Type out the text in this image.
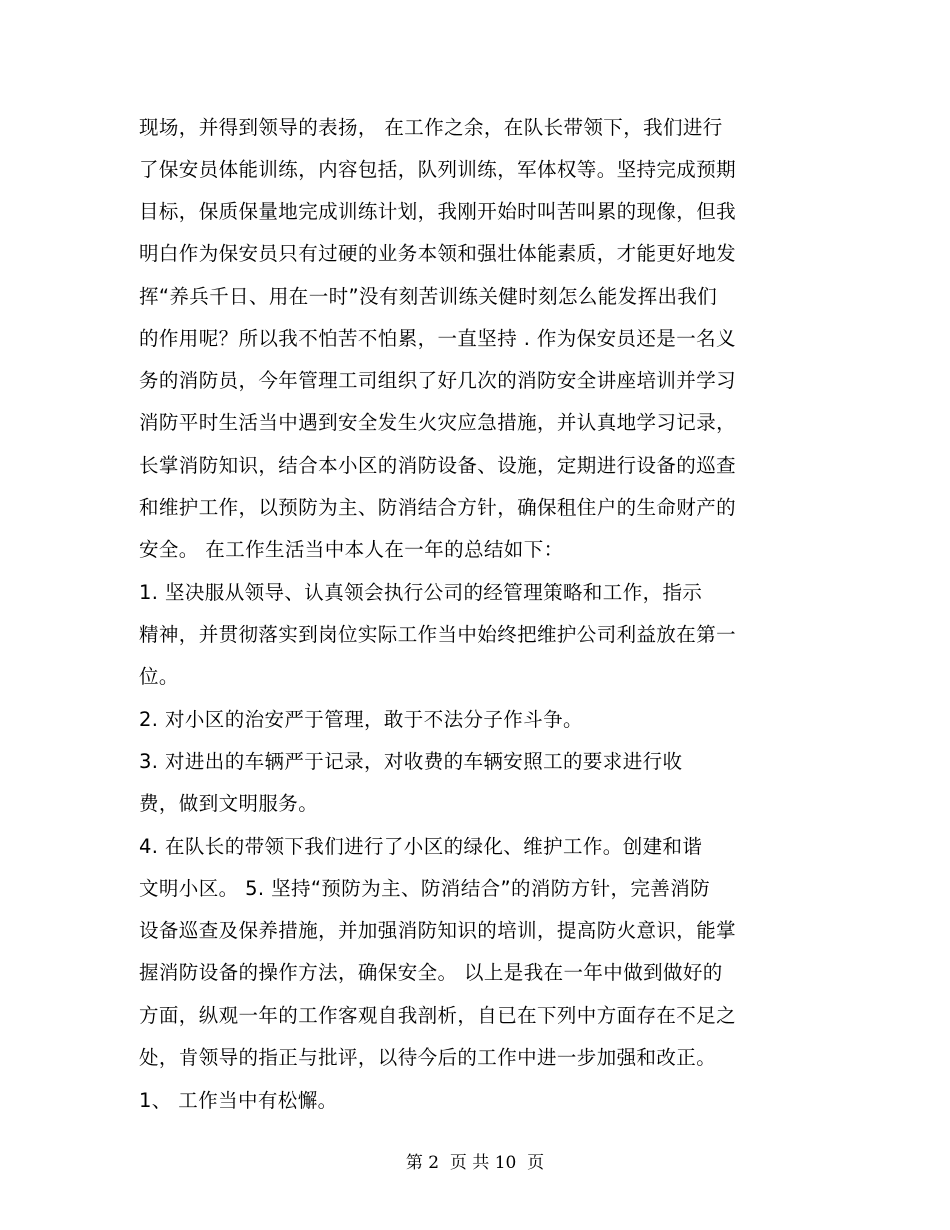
现场，并得到领导的表扬， 在工作之余，在队长带领下，我们进行
了保安员体能训练，内容包括，队列训练，军体权等。坚持完成预期
目标，保质保量地完成训练计划，我刚开始时叫苦叫累的现像，但我
明白作为保安员只有过硬的业务本领和强壮体能素质，才能更好地发
挥“养兵千日、用在一时”没有刻苦训练关健时刻怎么能发挥出我们
的作用呢？所以我不怕苦不怕累，一直坚持 . 作为保安员还是一名义
务的消防员，今年管理工司组织了好几次的消防安全讲座培训并学习
消防平时生活当中遇到安全发生火灾应急措施，并认真地学习记录，
长掌消防知识，结合本小区的消防设备、设施，定期进行设备的巡查
和维护工作，以预防为主、防消结合方针，确保租住户的生命财产的
安全。 在工作生活当中本人在一年的总结如下：
1. 坚决服从领导、认真领会执行公司的经管理策略和工作，指示
精神，并贯彻落实到岗位实际工作当中始终把维护公司利益放在第一
位。
2. 对小区的治安严于管理，敢于不法分子作斗争。
3. 对进出的车辆严于记录，对收费的车辆安照工的要求进行收
费，做到文明服务。
4. 在队长的带领下我们进行了小区的绿化、维护工作。创建和谐
文明小区。 5. 坚持“预防为主、防消结合”的消防方针，完善消防
设备巡查及保养措施，并加强消防知识的培训，提高防火意识，能掌
握消防设备的操作方法，确保安全。 以上是我在一年中做到做好的
方面，纵观一年的工作客观自我剖析，自已在下列中方面存在不足之
处，肯领导的指正与批评，以待今后的工作中进一步加强和改正。
1、 工作当中有松懈。
第 2  页 共 10  页
